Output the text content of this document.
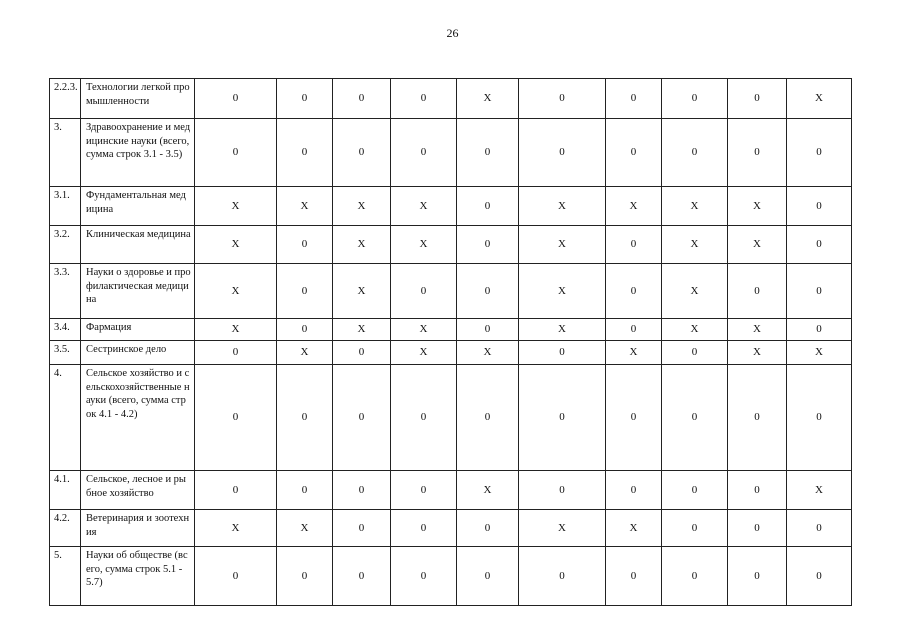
26
2.2.3.	Технологии легкой промышленности	0	0	0	0	X	0	0	0	0	X
3.	Здравоохранение и медицинские науки (всего, сумма строк 3.1 - 3.5)	0	0	0	0	0	0	0	0	0	0
3.1.	Фундаментальная медицина	X	X	X	X	0	X	X	X	X	0
3.2.	Клиническая медицина	X	0	X	X	0	X	0	X	X	0
3.3.	Науки о здоровье и профилактическая медицина	X	0	X	0	0	X	0	X	0	0
3.4.	Фармация	X	0	X	X	0	X	0	X	X	0
3.5.	Сестринское дело	0	X	0	X	X	0	X	0	X	X
4.	Сельское хозяйство и сельскохозяйственные науки (всего, сумма строк 4.1 - 4.2)	0	0	0	0	0	0	0	0	0	0
4.1.	Сельское, лесное и рыбное хозяйство	0	0	0	0	X	0	0	0	0	X
4.2.	Ветеринария и зоотехния	X	X	0	0	0	X	X	0	0	0
5.	Науки об обществе (всего, сумма строк 5.1 - 5.7)	0	0	0	0	0	0	0	0	0	0
